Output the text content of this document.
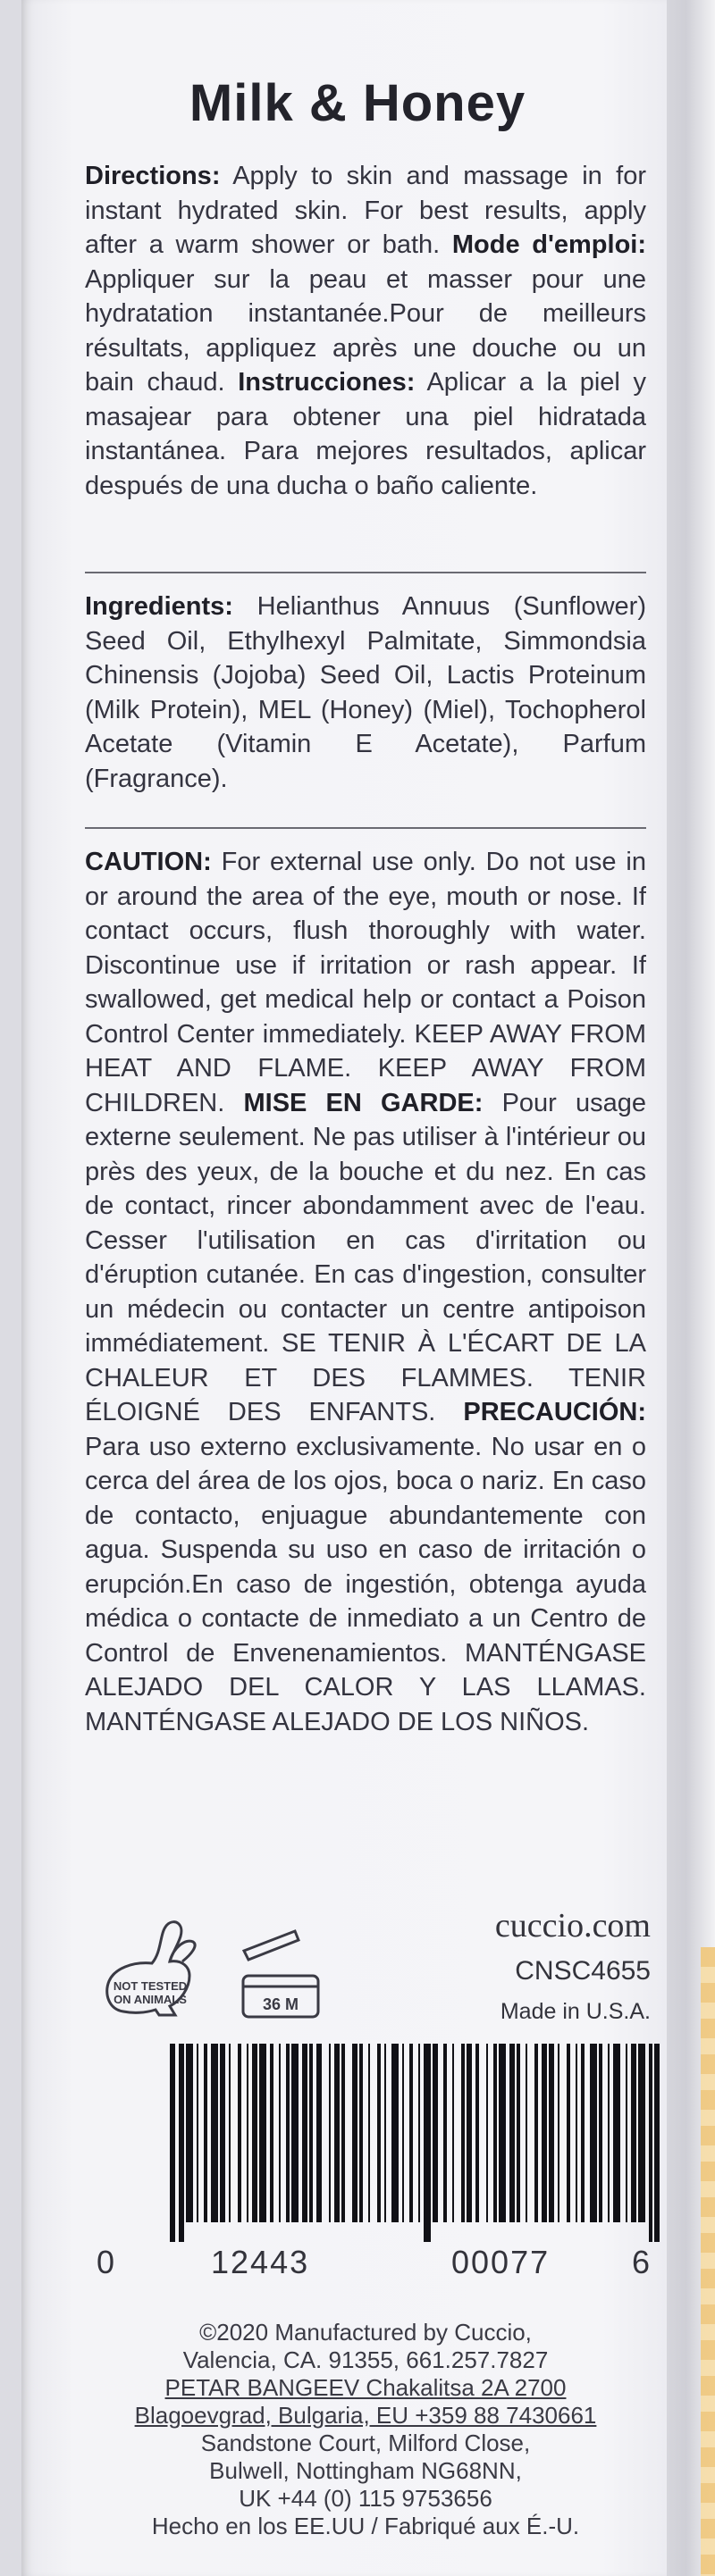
Milk & Honey
Directions: Apply to skin and massage in for instant hydrated skin. For best results, apply after a warm shower or bath. Mode d'emploi: Appliquer sur la peau et masser pour une hydratation instantanée.Pour de meilleurs résultats, appliquez après une douche ou un bain chaud. Instrucciones: Aplicar a la piel y masajear para obtener una piel hidratada instantánea. Para mejores resultados, aplicar después de una ducha o baño caliente.
Ingredients: Helianthus Annuus (Sunflower) Seed Oil, Ethylhexyl Palmitate, Simmondsia Chinensis (Jojoba) Seed Oil, Lactis Proteinum (Milk Protein), MEL (Honey) (Miel), Tochopherol Acetate (Vitamin E Acetate), Parfum (Fragrance).
CAUTION: For external use only. Do not use in or around the area of the eye, mouth or nose. If contact occurs, flush thoroughly with water. Discontinue use if irritation or rash appear. If swallowed, get medical help or contact a Poison Control Center immediately. KEEP AWAY FROM HEAT AND FLAME. KEEP AWAY FROM CHILDREN. MISE EN GARDE: Pour usage externe seulement. Ne pas utiliser à l'intérieur ou près des yeux, de la bouche et du nez. En cas de contact, rincer abondamment avec de l'eau. Cesser l'utilisation en cas d'irritation ou d'éruption cutanée. En cas d'ingestion, consulter un médecin ou contacter un centre antipoison immédiatement. SE TENIR À L'ÉCART DE LA CHALEUR ET DES FLAMMES. TENIR ÉLOIGNÉ DES ENFANTS. PRECAUCIÓN: Para uso externo exclusivamente. No usar en o cerca del área de los ojos, boca o nariz. En caso de contacto, enjuague abundantemente con agua. Suspenda su uso en caso de irritación o erupción.En caso de ingestión, obtenga ayuda médica o contacte de inmediato a un Centro de Control de Envenenamientos. MANTÉNGASE ALEJADO DEL CALOR Y LAS LLAMAS. MANTÉNGASE ALEJADO DE LOS NIÑOS.
NOT TESTED
ON ANIMALS	36 M
cuccio.com
CNSC4655
Made in U.S.A.
0	12443	00077	6
©2020 Manufactured by Cuccio,
Valencia, CA. 91355, 661.257.7827
PETAR BANGEEV Chakalitsa 2A 2700
Blagoevgrad, Bulgaria, EU +359 88 7430661
Sandstone Court, Milford Close,
Bulwell, Nottingham NG68NN,
UK +44 (0) 115 9753656
Hecho en los EE.UU / Fabriqué aux É.-U.
